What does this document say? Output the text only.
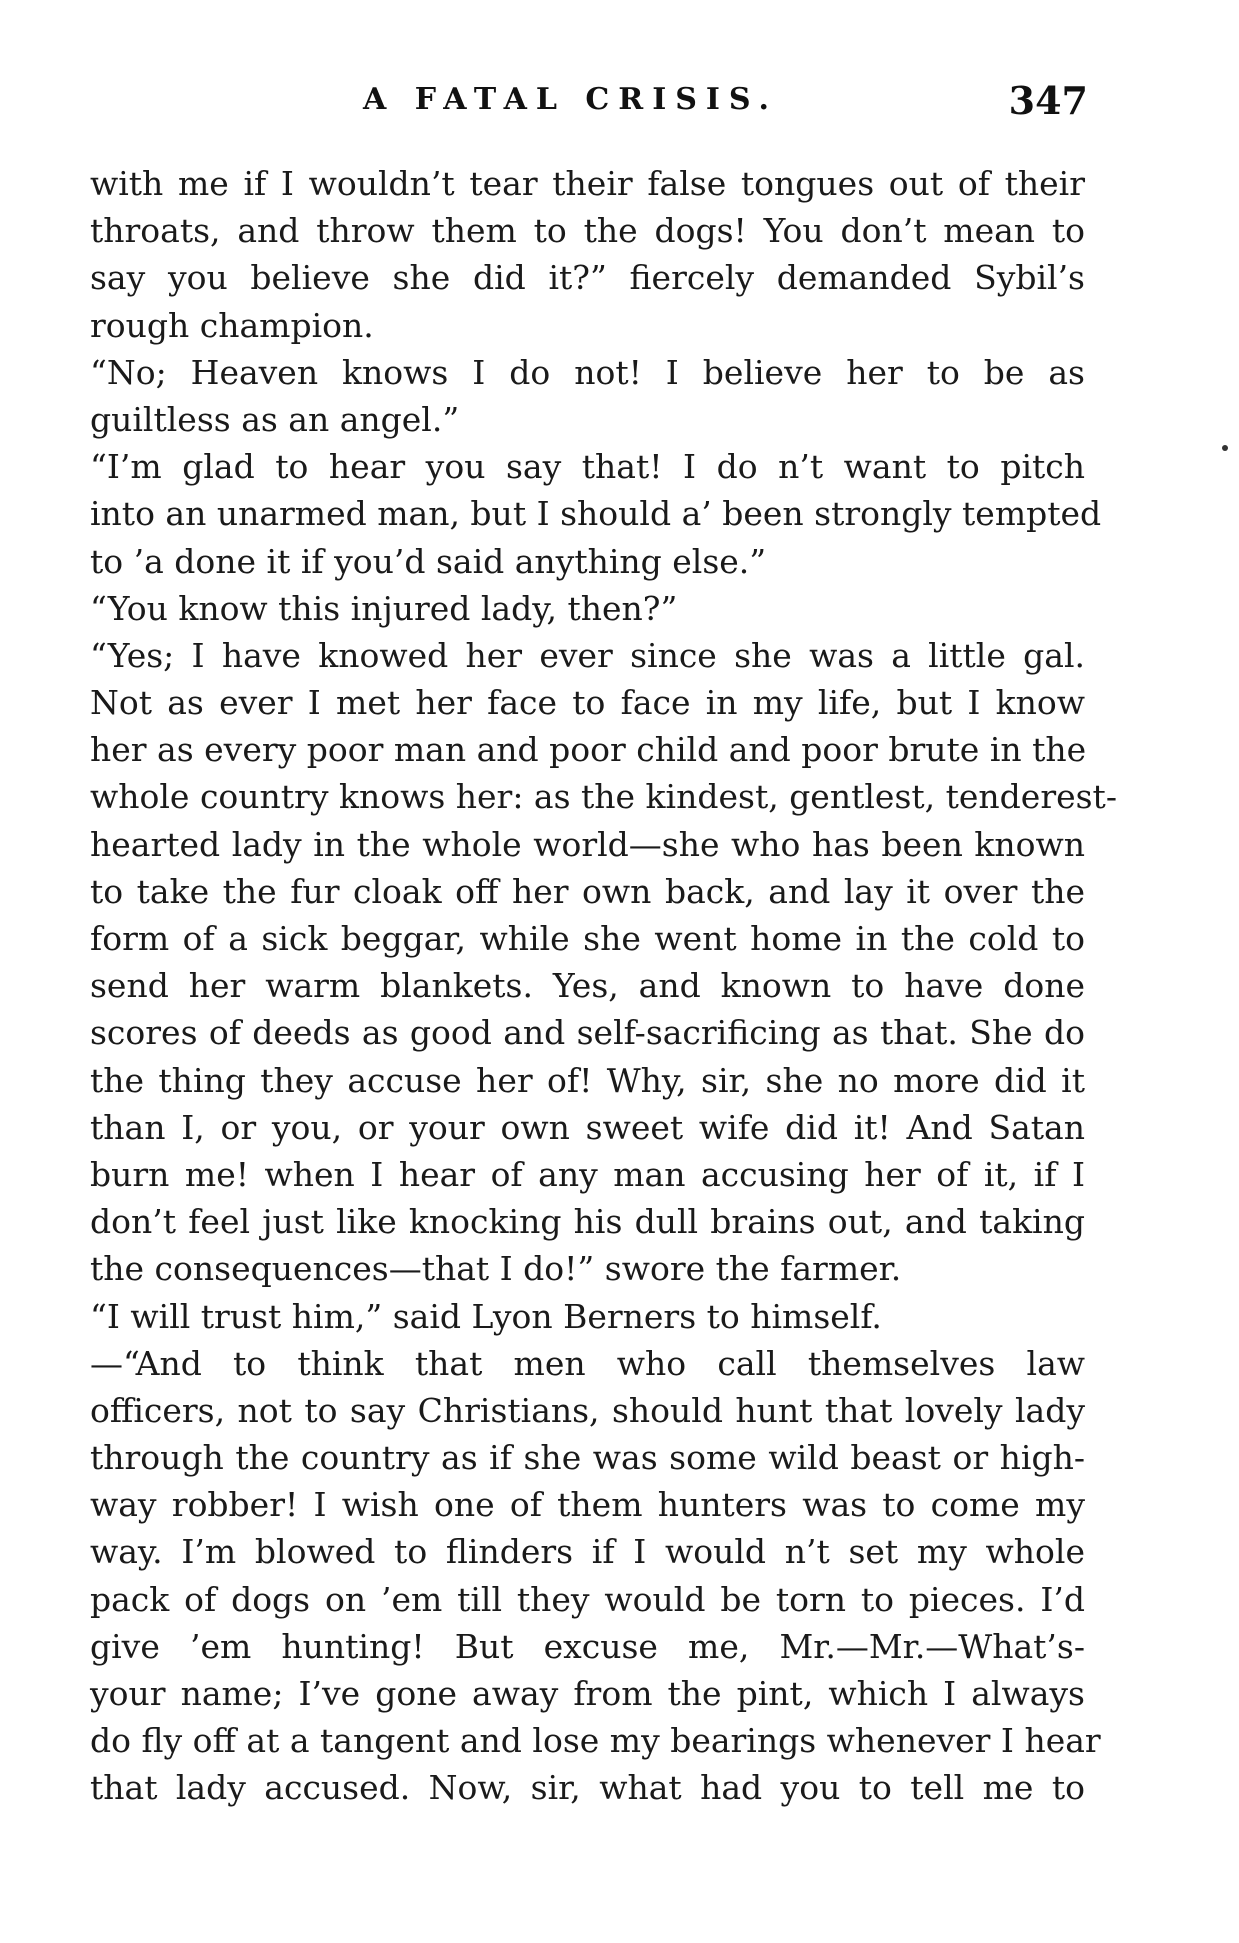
A FATAL CRISIS.	347
with me if I wouldn’t tear their false tongues out of their
throats, and throw them to the dogs! You don’t mean to
say you believe she did it?” fiercely demanded Sybil’s
rough champion.
“No; Heaven knows I do not! I believe her to be as
guiltless as an angel.”
“I’m glad to hear you say that! I do n’t want to pitch
into an unarmed man, but I should a’ been strongly tempted
to ’a done it if you’d said anything else.”
“You know this injured lady, then?”
“Yes; I have knowed her ever since she was a little gal.
Not as ever I met her face to face in my life, but I know
her as every poor man and poor child and poor brute in the
whole country knows her: as the kindest, gentlest, tenderest-
hearted lady in the whole world—she who has been known
to take the fur cloak off her own back, and lay it over the
form of a sick beggar, while she went home in the cold to
send her warm blankets. Yes, and known to have done
scores of deeds as good and self-sacrificing as that. She do
the thing they accuse her of! Why, sir, she no more did it
than I, or you, or your own sweet wife did it! And Satan
burn me! when I hear of any man accusing her of it, if I
don’t feel just like knocking his dull brains out, and taking
the consequences—that I do!” swore the farmer.
“I will trust him,” said Lyon Berners to himself.
—“And to think that men who call themselves law
officers, not to say Christians, should hunt that lovely lady
through the country as if she was some wild beast or high-
way robber! I wish one of them hunters was to come my
way. I’m blowed to flinders if I would n’t set my whole
pack of dogs on ’em till they would be torn to pieces. I’d
give ’em hunting! But excuse me, Mr.—Mr.—What’s-
your name; I’ve gone away from the pint, which I always
do fly off at a tangent and lose my bearings whenever I hear
that lady accused. Now, sir, what had you to tell me to
